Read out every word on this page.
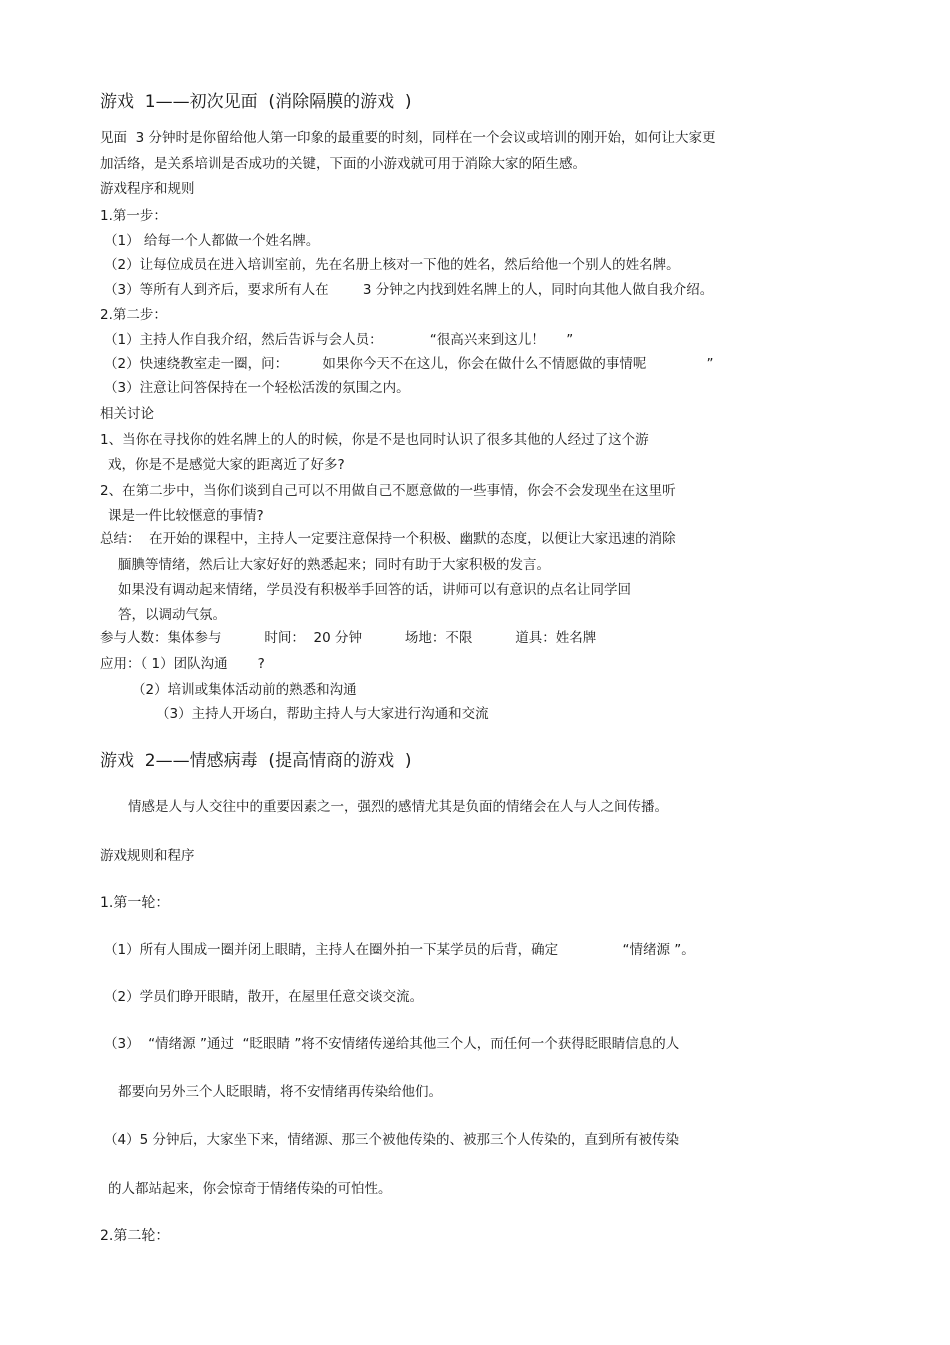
游戏  1——初次见面  (消除隔膜的游戏  )
见面  3 分钟时是你留给他人第一印象的最重要的时刻，同样在一个会议或培训的刚开始，如何让大家更
加活络，是关系培训是否成功的关键，下面的小游戏就可用于消除大家的陌生感。
游戏程序和规则
1.第一步：
（1） 给每一个人都做一个姓名牌。
（2）让每位成员在进入培训室前，先在名册上核对一下他的姓名，然后给他一个别人的姓名牌。
（3）等所有人到齐后，要求所有人在        3 分钟之内找到姓名牌上的人，同时向其他人做自我介绍。
2.第二步：
（1）主持人作自我介绍，然后告诉与会人员：           “很高兴来到这儿！     ”
（2）快速绕教室走一圈，问：        如果你今天不在这儿，你会在做什么不情愿做的事情呢              ”
（3）注意让问答保持在一个轻松活泼的氛围之内。
相关讨论
1、当你在寻找你的姓名牌上的人的时候，你是不是也同时认识了很多其他的人经过了这个游
戏，你是不是感觉大家的距离近了好多?
2、在第二步中，当你们谈到自己可以不用做自己不愿意做的一些事情，你会不会发现坐在这里听
课是一件比较惬意的事情?
总结：  在开始的课程中，主持人一定要注意保持一个积极、幽默的态度，以便让大家迅速的消除
腼腆等情绪，然后让大家好好的熟悉起来；同时有助于大家积极的发言。
如果没有调动起来情绪，学员没有积极举手回答的话，讲师可以有意识的点名让同学回
答，以调动气氛。
参与人数：集体参与          时间：  20 分钟          场地：不限          道具：姓名牌
应用：（ 1）团队沟通       ?
（2）培训或集体活动前的熟悉和沟通
（3）主持人开场白，帮助主持人与大家进行沟通和交流
游戏  2——情感病毒  (提高情商的游戏  )
情感是人与人交往中的重要因素之一，强烈的感情尤其是负面的情绪会在人与人之间传播。
游戏规则和程序
1.第一轮：
（1）所有人围成一圈并闭上眼睛，主持人在圈外拍一下某学员的后背，确定               “情绪源 ”。
（2）学员们睁开眼睛，散开，在屋里任意交谈交流。
（3）  “情绪源 ”通过  “眨眼睛 ”将不安情绪传递给其他三个人，而任何一个获得眨眼睛信息的人
都要向另外三个人眨眼睛，将不安情绪再传染给他们。
（4）5 分钟后，大家坐下来，情绪源、那三个被他传染的、被那三个人传染的，直到所有被传染
的人都站起来，你会惊奇于情绪传染的可怕性。
2.第二轮：
